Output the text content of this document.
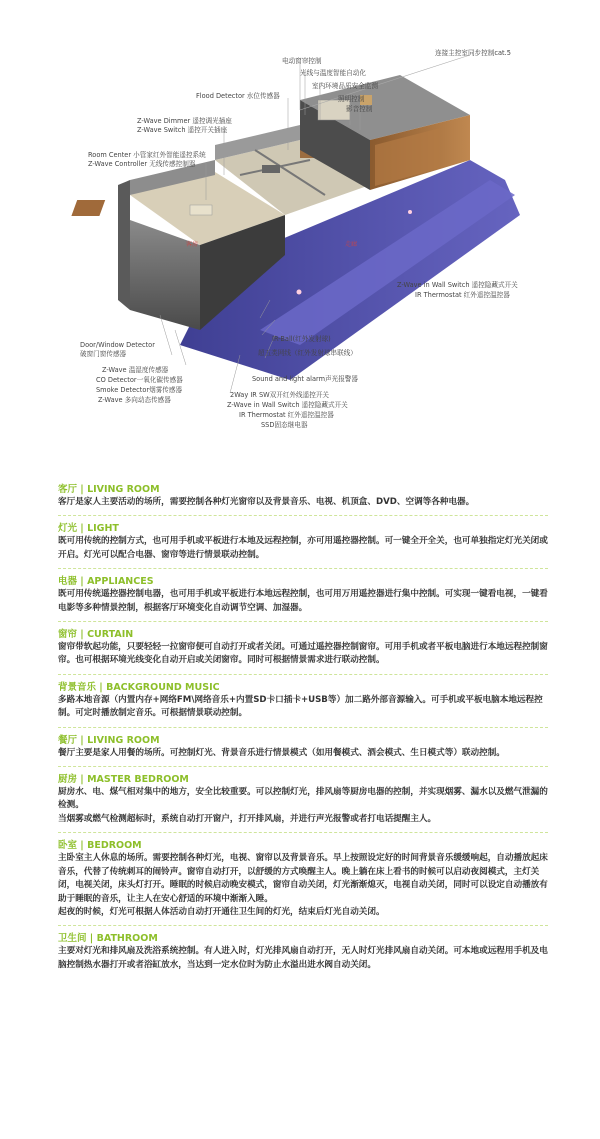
连接主控室同步控制cat.5
电动窗帘控制
光线与温度智能自动化
室内环境品质安全监测
照明控制
影音控制
Flood Detector 水位传感器
Z-Wave Dimmer 遥控调光插座
Z-Wave Switch 遥控开关插座
Room Center 小管家红外智能遥控系统
Z-Wave Controller 无线传感控制器
客房	走廊
Z-Wave in Wall Switch 遥控隐藏式开关
IR Thermostat 红外遥控温控器
Door/Window Detector
破窗门窗传感器
Z-Wave 温湿度传感器
CO Detector一氧化碳传感器
Smoke Detector烟雾传感器
Z-Wave 多向动态传感器
IR-Ball(红外发射球)
超五类网线（红外发射球串联线）
Sound and light alarm声光报警器
2Way IR SW双开红外线遥控开关
Z-Wave in Wall Switch 遥控隐藏式开关
IR Thermostat 红外遥控温控器
SSD固态继电器
客厅 | LIVING ROOM

客厅是家人主要活动的场所，需要控制各种灯光窗帘以及背景音乐、电视、机顶盒、DVD、空调等各种电器。

灯光 | LIGHT

既可用传统的控制方式，也可用手机或平板进行本地及远程控制，亦可用遥控器控制。可一键全开全关，也可单独指定灯光关闭或开启。灯光可以配合电器、窗帘等进行情景联动控制。

电器 | APPLIANCES

既可用传统遥控器控制电器，也可用手机或平板进行本地远程控制，也可用万用遥控器进行集中控制。可实现一键看电视，一键看电影等多种情景控制，根据客厅环境变化自动调节空调、加湿器。

窗帘 | CURTAIN

窗帘带软起功能，只要轻轻一拉窗帘便可自动打开或者关闭。可通过遥控器控制窗帘。可用手机或者平板电脑进行本地远程控制窗帘。也可根据环境光线变化自动开启或关闭窗帘。同时可根据情景需求进行联动控制。

背景音乐 | BACKGROUND MUSIC

多路本地音源（内置内存+网络FM\网络音乐+内置SD卡口插卡+USB等）加二路外部音源输入。可手机或平板电脑本地远程控制。可定时播放制定音乐。可根据情景联动控制。

餐厅 | LIVING ROOM

餐厅主要是家人用餐的场所。可控制灯光、背景音乐进行情景模式（如用餐模式、酒会模式、生日模式等）联动控制。

厨房 | MASTER BEDROOM

厨房水、电、煤气相对集中的地方，安全比较重要。可以控制灯光，排风扇等厨房电器的控制，并实现烟雾、漏水以及燃气泄漏的检测。

当烟雾或燃气检测超标时，系统自动打开窗户，打开排风扇，并进行声光报警或者打电话提醒主人。

卧室 | BEDROOM

主卧室主人休息的场所。需要控制各种灯光，电视、窗帘以及背景音乐。早上按照设定好的时间背景音乐缓缓响起，自动播放起床音乐，代替了传统刺耳的闹铃声。窗帘自动打开，以舒缓的方式唤醒主人。晚上躺在床上看书的时候可以启动夜阅模式，主灯关闭，电视关闭，床头灯打开。睡眠的时候启动晚安模式，窗帘自动关闭，灯光渐渐熄灭，电视自动关闭，同时可以设定自动播放有助于睡眠的音乐，让主人在安心舒适的环境中渐渐入睡。

起夜的时候，灯光可根据人体活动自动打开通往卫生间的灯光，结束后灯光自动关闭。

卫生间 | BATHROOM

主要对灯光和排风扇及洗浴系统控制。有人进入时，灯光排风扇自动打开，无人时灯光排风扇自动关闭。可本地或远程用手机及电脑控制热水器打开或者浴缸放水，当达到一定水位时为防止水溢出进水阀自动关闭。
